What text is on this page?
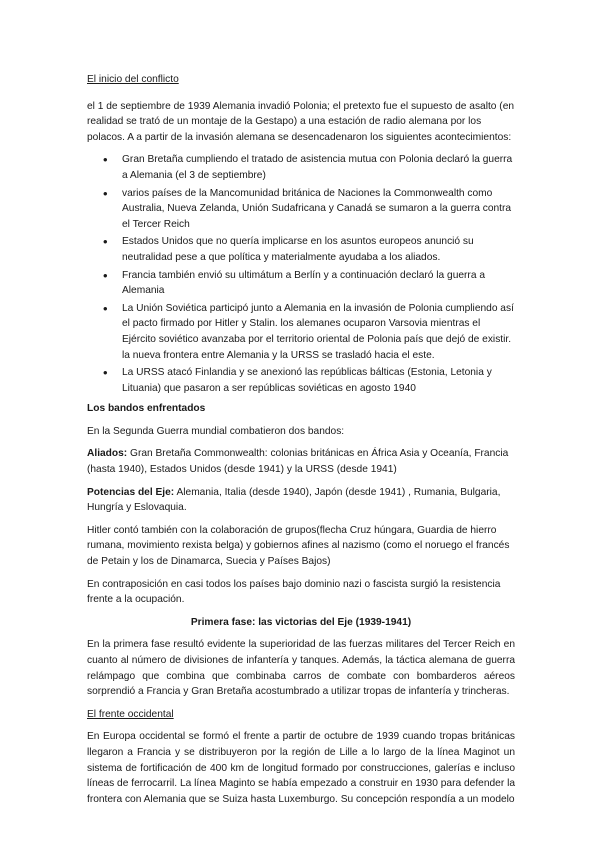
El inicio del conflicto

el 1 de septiembre de 1939 Alemania invadió Polonia; el pretexto fue el supuesto de asalto (en realidad se trató de un montaje de la Gestapo) a una estación de radio alemana por los polacos. A a partir de la invasión alemana se desencadenaron los siguientes acontecimientos:

• Gran Bretaña cumpliendo el tratado de asistencia mutua con Polonia declaró la guerra a Alemania (el 3 de septiembre)
• varios países de la Mancomunidad británica de Naciones la Commonwealth como Australia, Nueva Zelanda, Unión Sudafricana y Canadá se sumaron a la guerra contra el Tercer Reich
• Estados Unidos que no quería implicarse en los asuntos europeos anunció su neutralidad pese a que política y materialmente ayudaba a los aliados.
• Francia también envió su ultimátum a Berlín y a continuación declaró la guerra a Alemania
• La Unión Soviética participó junto a Alemania en la invasión de Polonia cumpliendo así el pacto firmado por Hitler y Stalin. los alemanes ocuparon Varsovia mientras el Ejército soviético avanzaba por el territorio oriental de Polonia país que dejó de existir. la nueva frontera entre Alemania y la URSS se trasladó hacia el este.
• La URSS atacó Finlandia y se anexionó las repúblicas bálticas (Estonia, Letonia y Lituania) que pasaron a ser repúblicas soviéticas en agosto 1940

Los bandos enfrentados

En la Segunda Guerra mundial combatieron dos bandos:

Aliados: Gran Bretaña Commonwealth: colonias británicas en África Asia y Oceanía, Francia (hasta 1940), Estados Unidos (desde 1941) y la URSS (desde 1941)

Potencias del Eje: Alemania, Italia (desde 1940), Japón (desde 1941) , Rumania, Bulgaria, Hungría y Eslovaquia.

Hitler contó también con la colaboración de grupos(flecha Cruz húngara, Guardia de hierro rumana, movimiento rexista belga) y gobiernos afines al nazismo (como el noruego el francés de Petain y los de Dinamarca, Suecia y Países Bajos)

En contraposición en casi todos los países bajo dominio nazi o fascista surgió la resistencia frente a la ocupación.

Primera fase: las victorias del Eje (1939-1941)

En la primera fase resultó evidente la superioridad de las fuerzas militares del Tercer Reich en cuanto al número de divisiones de infantería y tanques. Además, la táctica alemana de guerra relámpago que combina que combinaba carros de combate con bombarderos aéreos sorprendió a Francia y Gran Bretaña acostumbrado a utilizar tropas de infantería y trincheras.

El frente occidental

En Europa occidental se formó el frente a partir de octubre de 1939 cuando tropas británicas llegaron a Francia y se distribuyeron por la región de Lille a lo largo de la línea Maginot un sistema de fortificación de 400 km de longitud formado por construcciones, galerías e incluso líneas de ferrocarril. La línea Maginto se había empezado a construir en 1930 para defender la frontera con Alemania que se Suiza hasta Luxemburgo. Su concepción respondía a un modelo
